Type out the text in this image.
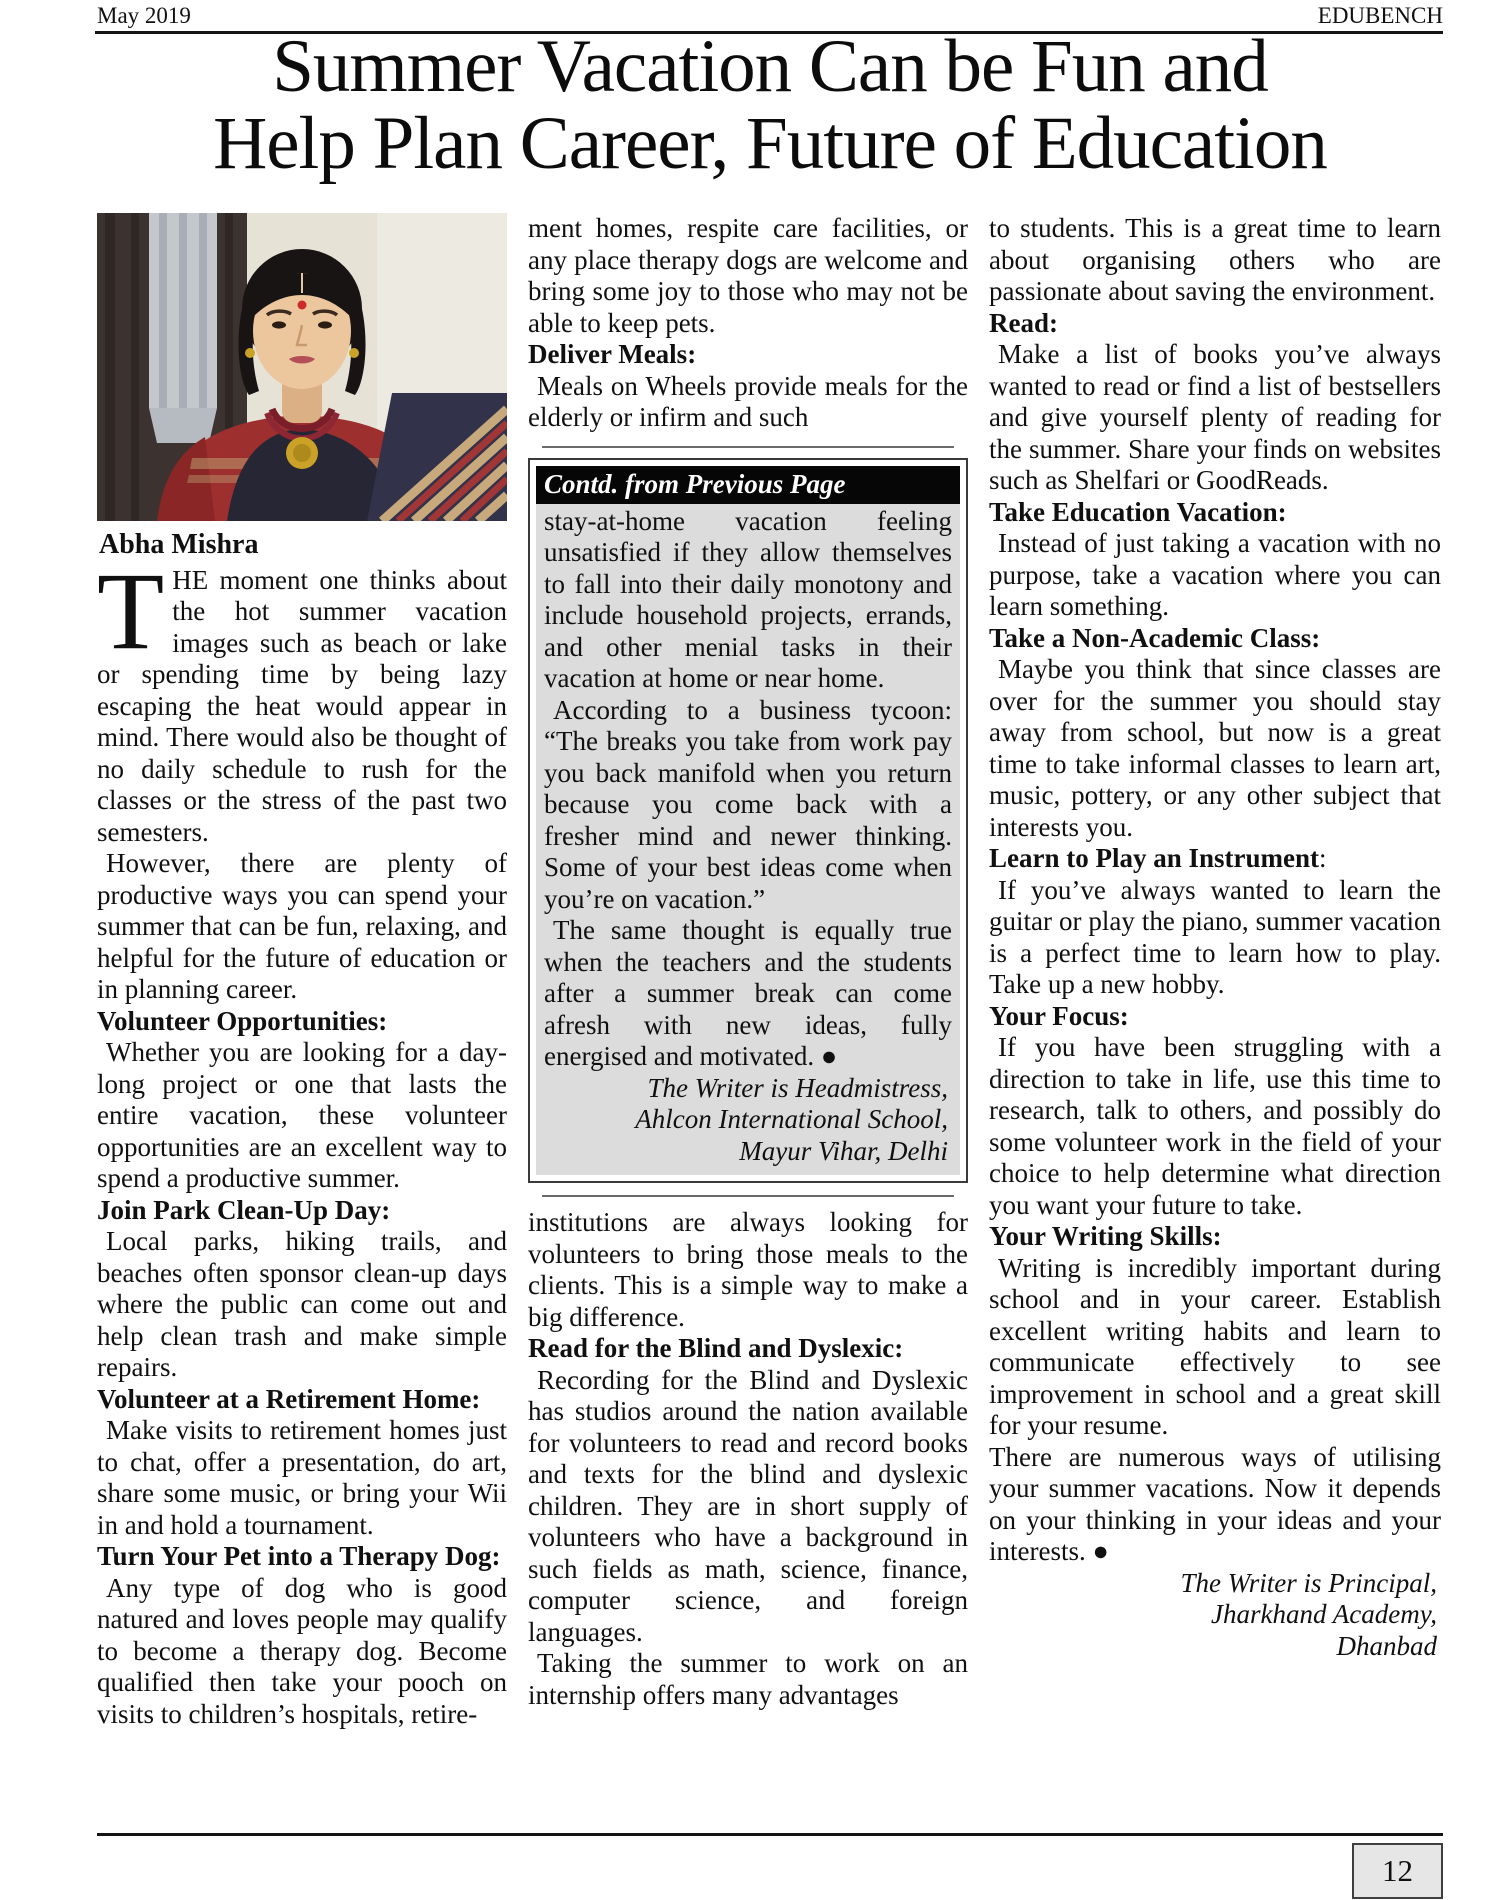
May 2019	EDUBENCH
Summer Vacation Can be Fun and
Help Plan Career, Future of Education
Abha Mishra

THE moment one thinks about the hot summer vacation images such as beach or lake or spending time by being lazy escaping the heat would appear in mind. There would also be thought of no daily schedule to rush for the classes or the stress of the past two semesters.

However, there are plenty of productive ways you can spend your summer that can be fun, relaxing, and helpful for the future of education or in planning career.

Volunteer Opportunities:

Whether you are looking for a day-long project or one that lasts the entire vacation, these volunteer opportunities are an excellent way to spend a productive summer.

Join Park Clean-Up Day:

Local parks, hiking trails, and beaches often sponsor clean-up days where the public can come out and help clean trash and make simple repairs.

Volunteer at a Retirement Home:

Make visits to retirement homes just to chat, offer a presentation, do art, share some music, or bring your Wii in and hold a tournament.

Turn Your Pet into a Therapy Dog:

Any type of dog who is good natured and loves people may qualify to become a therapy dog. Become qualified then take your pooch on visits to children’s hospitals, retire-

ment homes, respite care facilities, or any place therapy dogs are welcome and bring some joy to those who may not be able to keep pets.

Deliver Meals:

Meals on Wheels provide meals for the elderly or infirm and such

Contd. from Previous Page

stay-at-home vacation feeling unsatisfied if they allow themselves to fall into their daily monotony and include household projects, errands, and other menial tasks in their vacation at home or near home.

According to a business tycoon: “The breaks you take from work pay you back manifold when you return because you come back with a fresher mind and newer thinking. Some of your best ideas come when you’re on vacation.”

The same thought is equally true when the teachers and the students after a summer break can come afresh with new ideas, fully energised and motivated. ●

The Writer is Headmistress,

Ahlcon International School,

Mayur Vihar, Delhi

institutions are always looking for volunteers to bring those meals to the clients. This is a simple way to make a big difference.

Read for the Blind and Dyslexic:

Recording for the Blind and Dyslexic has studios around the nation available for volunteers to read and record books and texts for the blind and dyslexic children. They are in short supply of volunteers who have a background in such fields as math, science, finance, computer science, and foreign languages.

Taking the summer to work on an internship offers many advantages

to students. This is a great time to learn about organising others who are passionate about saving the environment.

Read:

Make a list of books you’ve always wanted to read or find a list of bestsellers and give yourself plenty of reading for the summer. Share your finds on websites such as Shelfari or GoodReads.

Take Education Vacation:

Instead of just taking a vacation with no purpose, take a vacation where you can learn something.

Take a Non-Academic Class:

Maybe you think that since classes are over for the summer you should stay away from school, but now is a great time to take informal classes to learn art, music, pottery, or any other subject that interests you.

Learn to Play an Instrument:

If you’ve always wanted to learn the guitar or play the piano, summer vacation is a perfect time to learn how to play. Take up a new hobby.

Your Focus:

If you have been struggling with a direction to take in life, use this time to research, talk to others, and possibly do some volunteer work in the field of your choice to help determine what direction you want your future to take.

Your Writing Skills:

Writing is incredibly important during school and in your career. Establish excellent writing habits and learn to communicate effectively to see improvement in school and a great skill for your resume.

There are numerous ways of utilising your summer vacations. Now it depends on your thinking in your ideas and your interests. ●

The Writer is Principal,

Jharkhand Academy,

Dhanbad

12
